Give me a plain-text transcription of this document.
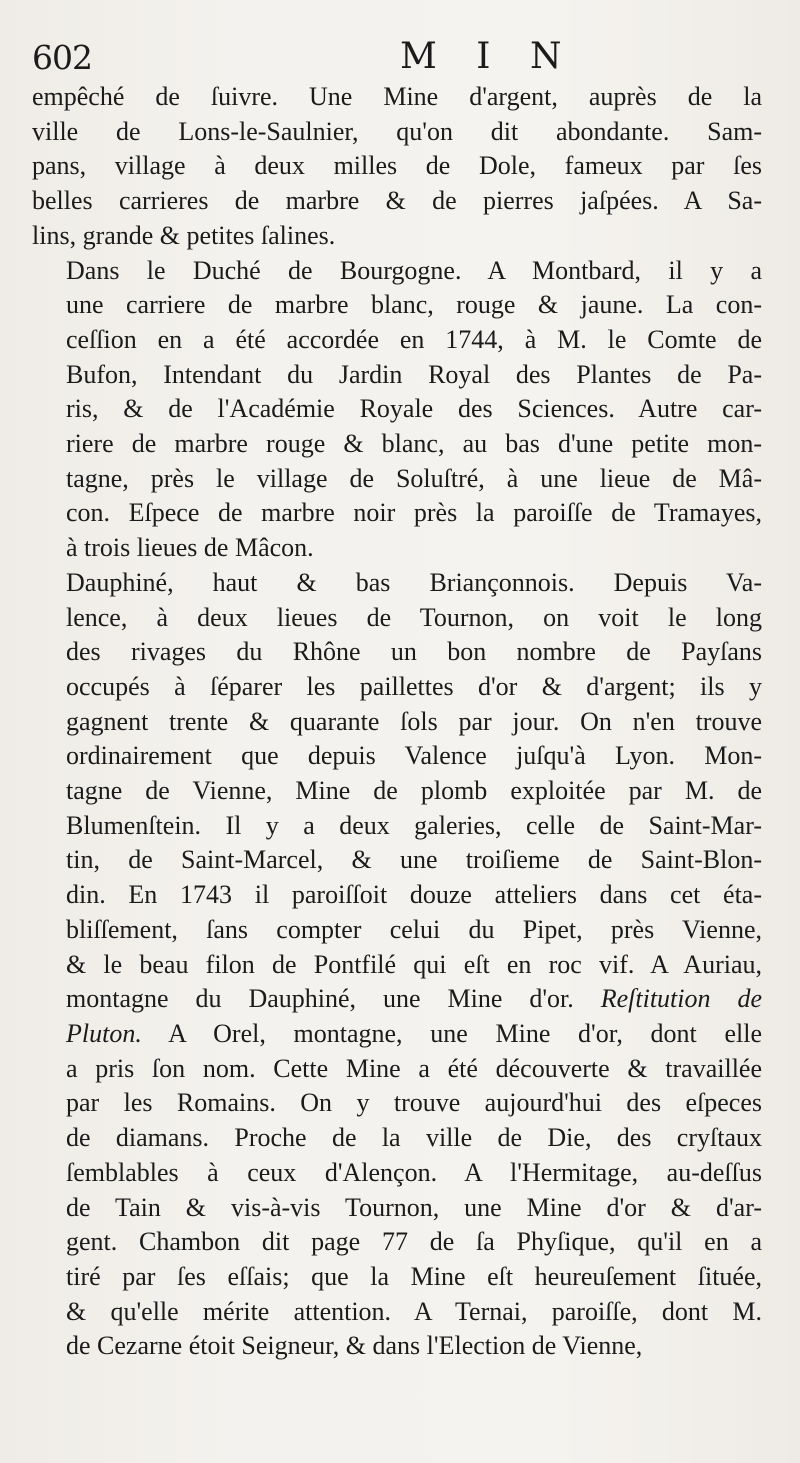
602	M I N
empêché de ſuivre. Une Mine d'argent, auprès de la
ville de Lons-le-Saulnier, qu'on dit abondante. Sam-
pans, village à deux milles de Dole, fameux par ſes
belles carrieres de marbre & de pierres jaſpées. A Sa-
lins, grande & petites ſalines.
Dans le Duché de Bourgogne. A Montbard, il y a
une carriere de marbre blanc, rouge & jaune. La con-
ceſſion en a été accordée en 1744, à M. le Comte de
Bufon, Intendant du Jardin Royal des Plantes de Pa-
ris, & de l'Académie Royale des Sciences. Autre car-
riere de marbre rouge & blanc, au bas d'une petite mon-
tagne, près le village de Soluſtré, à une lieue de Mâ-
con. Eſpece de marbre noir près la paroiſſe de Tramayes,
à trois lieues de Mâcon.
Dauphiné, haut & bas Briançonnois. Depuis Va-
lence, à deux lieues de Tournon, on voit le long
des rivages du Rhône un bon nombre de Payſans
occupés à ſéparer les paillettes d'or & d'argent; ils y
gagnent trente & quarante ſols par jour. On n'en trouve
ordinairement que depuis Valence juſqu'à Lyon. Mon-
tagne de Vienne, Mine de plomb exploitée par M. de
Blumenſtein. Il y a deux galeries, celle de Saint-Mar-
tin, de Saint-Marcel, & une troiſieme de Saint-Blon-
din. En 1743 il paroiſſoit douze atteliers dans cet éta-
bliſſement, ſans compter celui du Pipet, près Vienne,
& le beau filon de Pontfilé qui eſt en roc vif. A Auriau,
montagne du Dauphiné, une Mine d'or. Reſtitution de
Pluton. A Orel, montagne, une Mine d'or, dont elle
a pris ſon nom. Cette Mine a été découverte & travaillée
par les Romains. On y trouve aujourd'hui des eſpeces
de diamans. Proche de la ville de Die, des cryſtaux
ſemblables à ceux d'Alençon. A l'Hermitage, au-deſſus
de Tain & vis-à-vis Tournon, une Mine d'or & d'ar-
gent. Chambon dit page 77 de ſa Phyſique, qu'il en a
tiré par ſes eſſais; que la Mine eſt heureuſement ſituée,
& qu'elle mérite attention. A Ternai, paroiſſe, dont M.
de Cezarne étoit Seigneur, & dans l'Election de Vienne,
